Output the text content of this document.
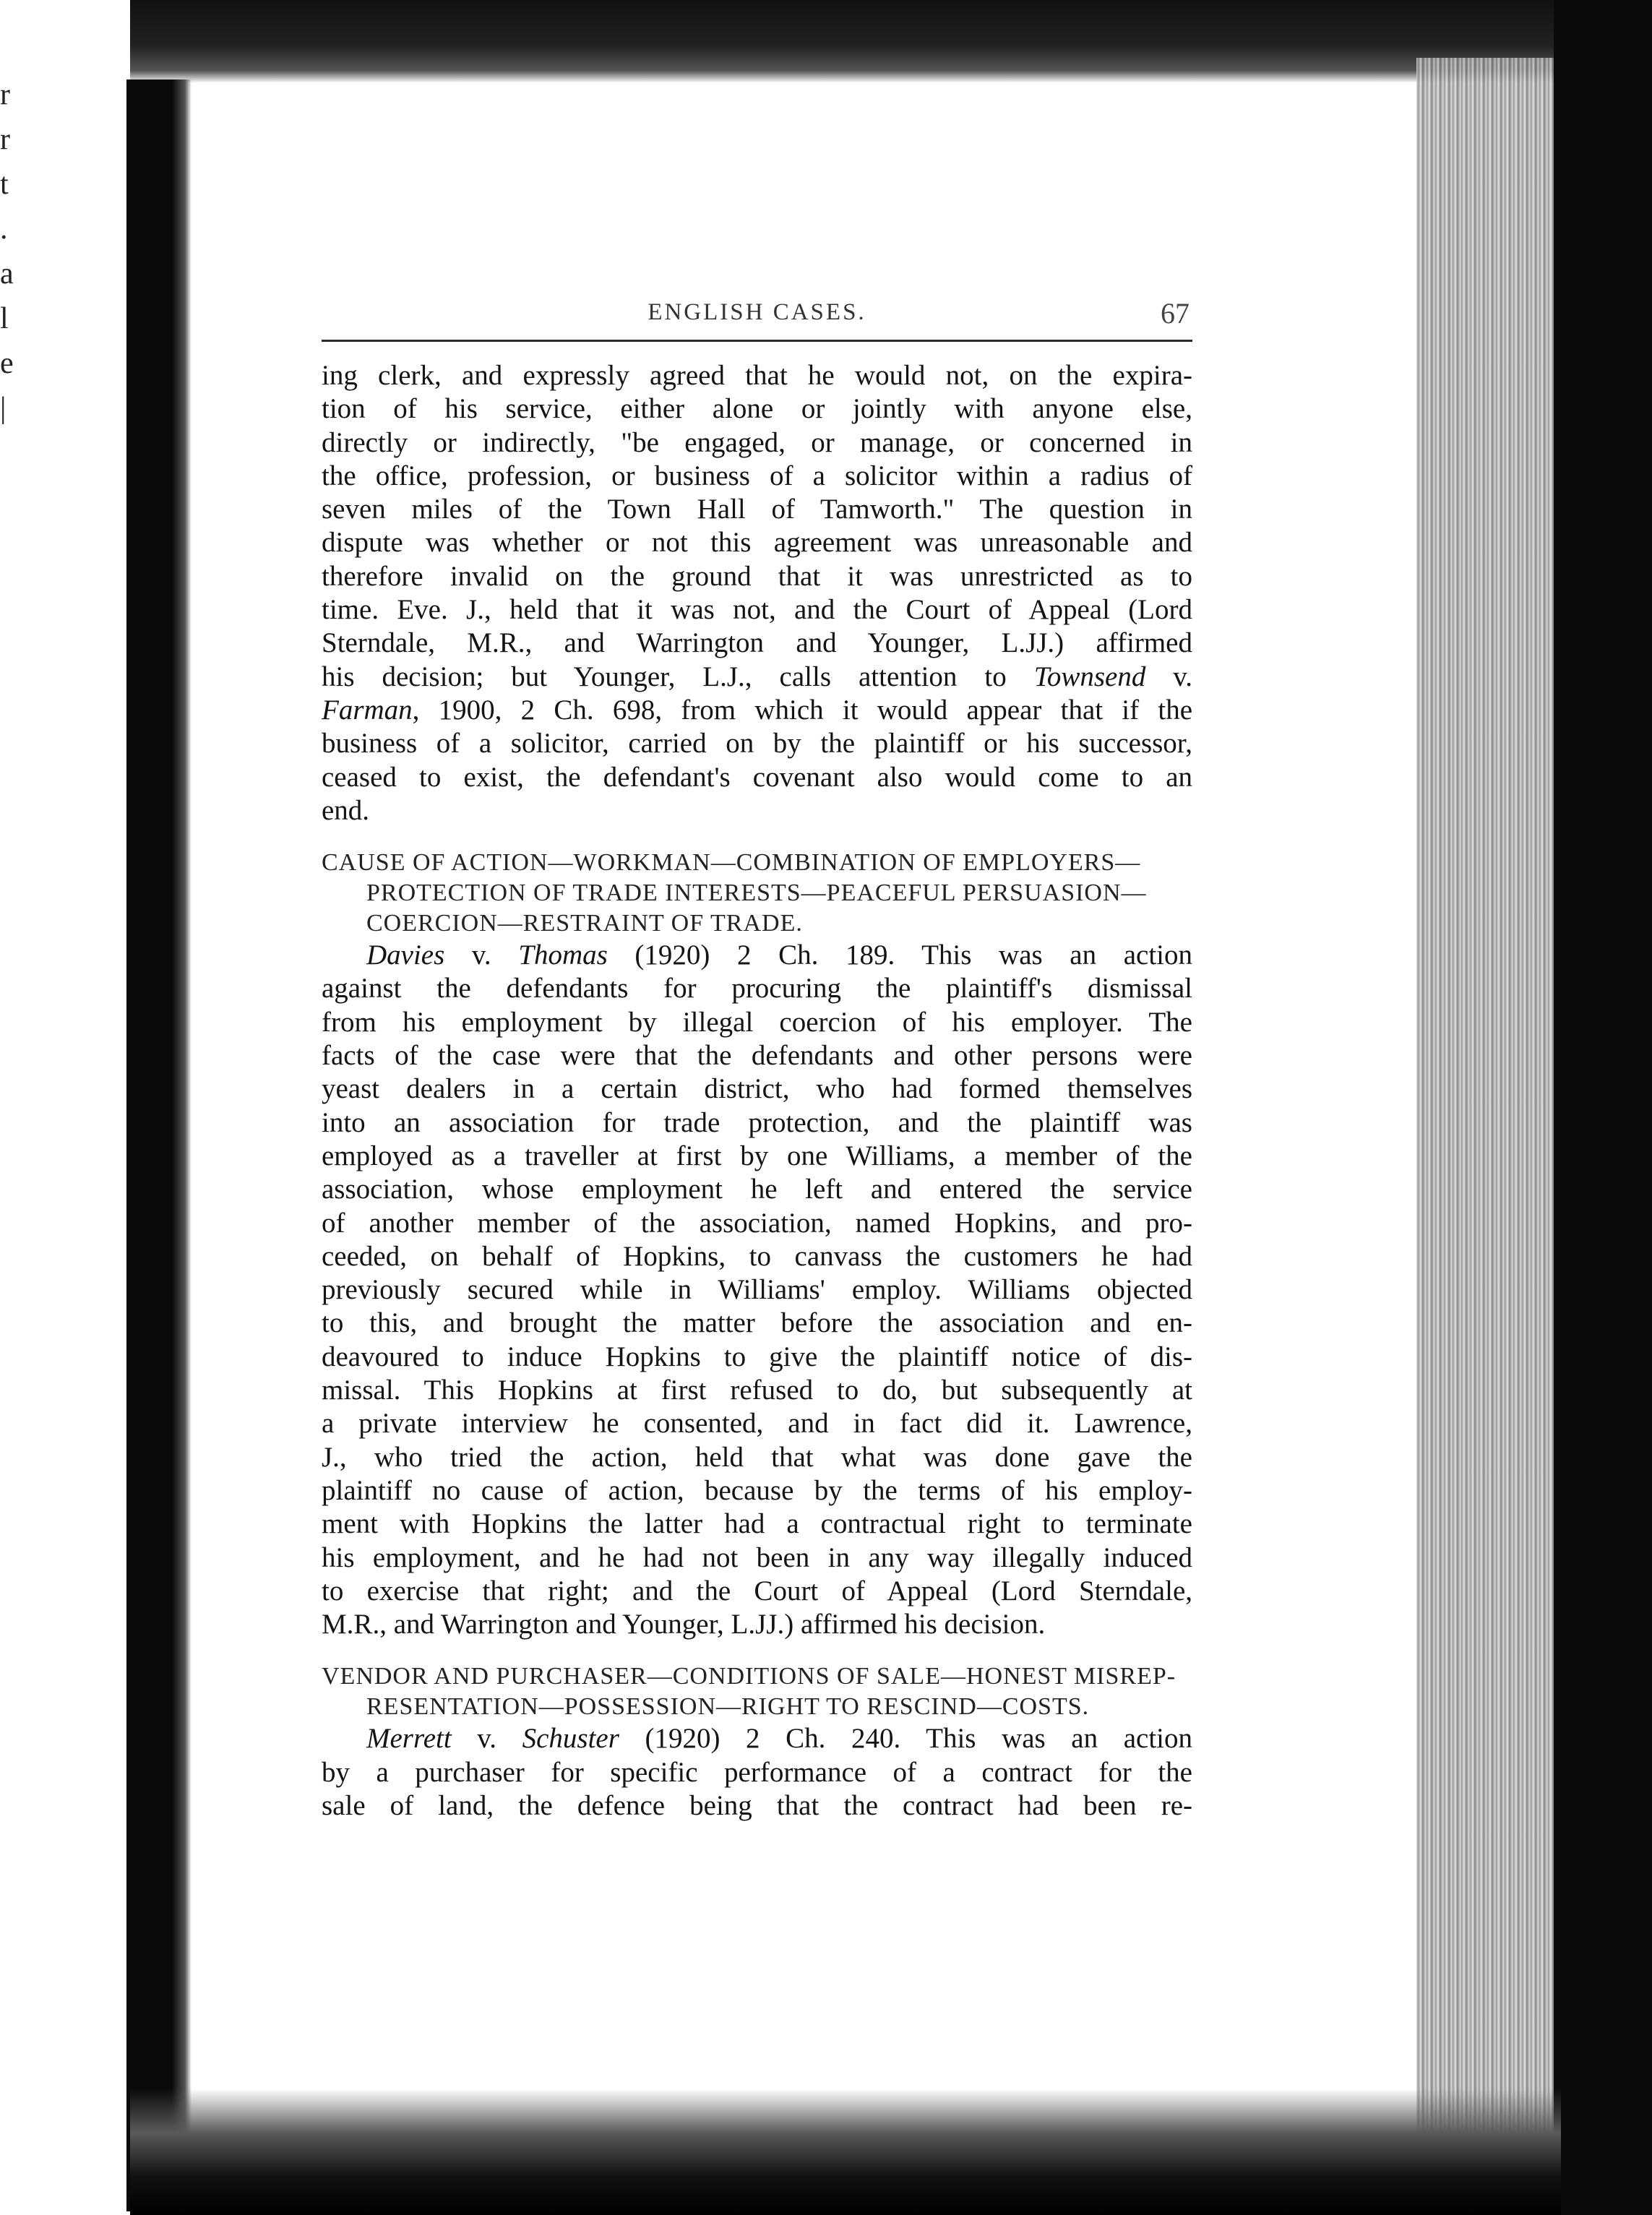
r
r
t
.
a
l
e
|
ENGLISH CASES.	67
ing clerk, and expressly agreed that he would not, on the expira-
tion of his service, either alone or jointly with anyone else,
directly or indirectly, "be engaged, or manage, or concerned in
the office, profession, or business of a solicitor within a radius of
seven miles of the Town Hall of Tamworth." The question in
dispute was whether or not this agreement was unreasonable and
therefore invalid on the ground that it was unrestricted as to
time. Eve. J., held that it was not, and the Court of Appeal (Lord
Sterndale, M.R., and Warrington and Younger, L.JJ.) affirmed
his decision; but Younger, L.J., calls attention to Townsend v.
Farman, 1900, 2 Ch. 698, from which it would appear that if the
business of a solicitor, carried on by the plaintiff or his successor,
ceased to exist, the defendant's covenant also would come to an
end.
CAUSE OF ACTION—WORKMAN—COMBINATION OF EMPLOYERS—
PROTECTION OF TRADE INTERESTS—PEACEFUL PERSUASION—
COERCION—RESTRAINT OF TRADE.
Davies v. Thomas (1920) 2 Ch. 189. This was an action
against the defendants for procuring the plaintiff's dismissal
from his employment by illegal coercion of his employer. The
facts of the case were that the defendants and other persons were
yeast dealers in a certain district, who had formed themselves
into an association for trade protection, and the plaintiff was
employed as a traveller at first by one Williams, a member of the
association, whose employment he left and entered the service
of another member of the association, named Hopkins, and pro-
ceeded, on behalf of Hopkins, to canvass the customers he had
previously secured while in Williams' employ. Williams objected
to this, and brought the matter before the association and en-
deavoured to induce Hopkins to give the plaintiff notice of dis-
missal. This Hopkins at first refused to do, but subsequently at
a private interview he consented, and in fact did it. Lawrence,
J., who tried the action, held that what was done gave the
plaintiff no cause of action, because by the terms of his employ-
ment with Hopkins the latter had a contractual right to terminate
his employment, and he had not been in any way illegally induced
to exercise that right; and the Court of Appeal (Lord Sterndale,
M.R., and Warrington and Younger, L.JJ.) affirmed his decision.
VENDOR AND PURCHASER—CONDITIONS OF SALE—HONEST MISREP-
RESENTATION—POSSESSION—RIGHT TO RESCIND—COSTS.
Merrett v. Schuster (1920) 2 Ch. 240. This was an action
by a purchaser for specific performance of a contract for the
sale of land, the defence being that the contract had been re-
